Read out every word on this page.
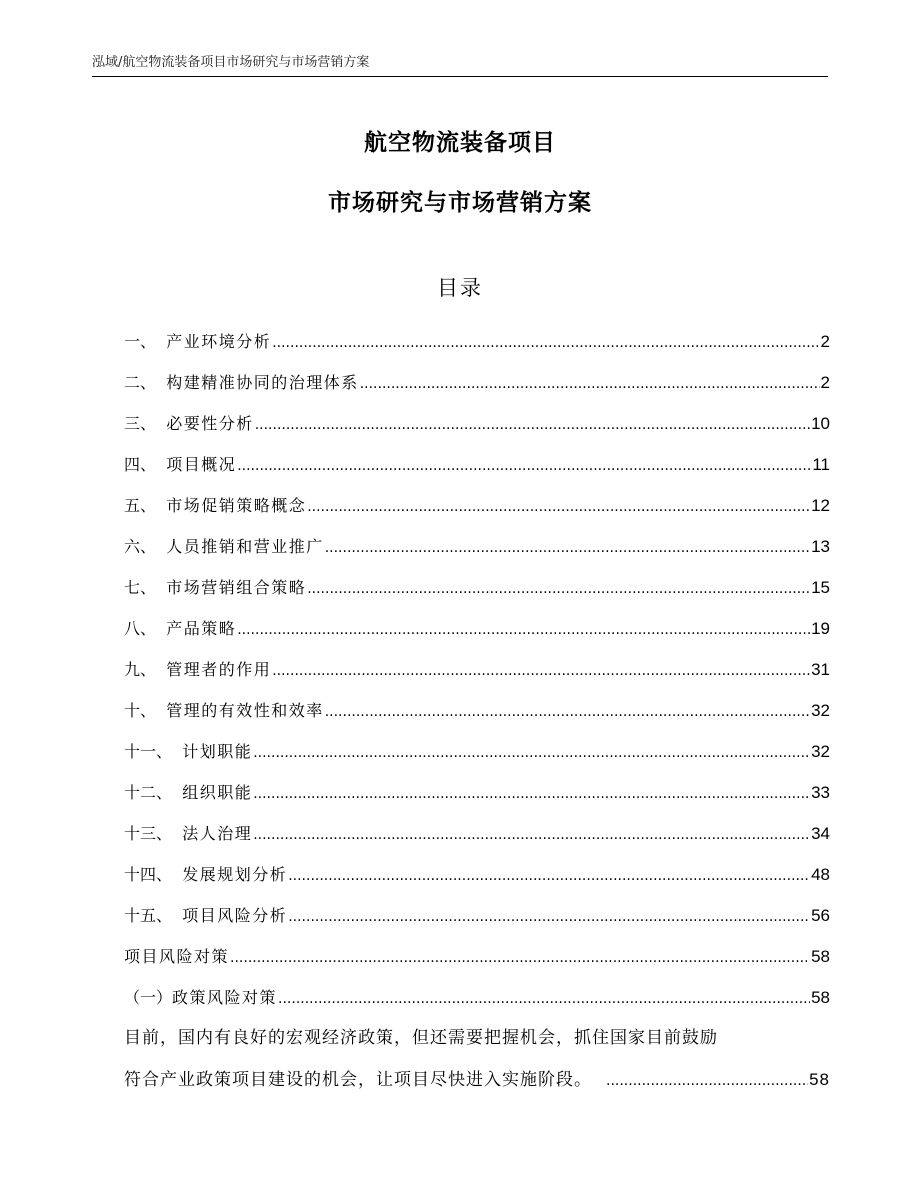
泓域/航空物流装备项目市场研究与市场营销方案
航空物流装备项目
市场研究与市场营销方案
目录
一、 产业环境分析 .....	2
二、 构建精准协同的治理体系 .....	2
三、 必要性分析 .....	10
四、 项目概况 .....	11
五、 市场促销策略概念 .....	12
六、 人员推销和营业推广 .....	13
七、 市场营销组合策略 .....	15
八、 产品策略 .....	19
九、 管理者的作用 .....	31
十、 管理的有效性和效率 .....	32
十一、 计划职能 .....	32
十二、 组织职能 .....	33
十三、 法人治理 .....	34
十四、 发展规划分析 .....	48
十五、 项目风险分析 .....	56
项目风险对策 .....	58
（一） 政策风险对策 .....	58
目前，国内有良好的宏观经济政策，但还需要把握机会，抓住国家目前鼓励
符合产业政策项目建设的机会，让项目尽快进入实施阶段。 .....	58
